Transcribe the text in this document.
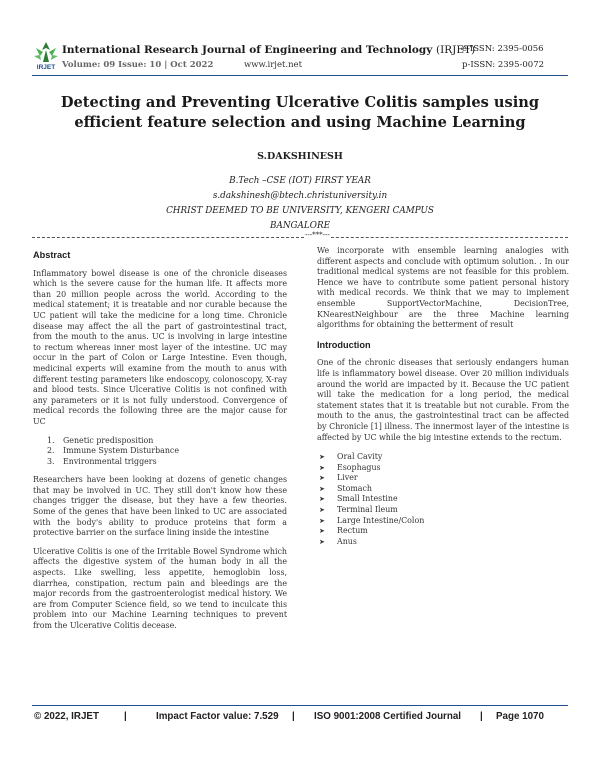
IRJET
International Research Journal of Engineering and Technology (IRJET)
Volume: 09 Issue: 10 | Oct 2022	www.irjet.net
e-ISSN: 2395-0056
p-ISSN: 2395-0072
Detecting and Preventing Ulcerative Colitis samples using efficient feature selection and using Machine Learning
S.DAKSHINESH
B.Tech –CSE (IOT) FIRST YEAR
s.dakshinesh@btech.christuniversity.in
CHRIST DEEMED TO BE UNIVERSITY, KENGERI CAMPUS
BANGALORE
---***---
Abstract

Inflammatory bowel disease is one of the chronicle diseases which is the severe cause for the human life. It affects more than 20 million people across the world. According to the medical statement; it is treatable and nor curable because the UC patient will take the medicine for a long time. Chronicle disease may affect the all the part of gastrointestinal tract, from the mouth to the anus. UC is involving in large intestine to rectum whereas inner most layer of the intestine. UC may occur in the part of Colon or Large Intestine. Even though, medicinal experts will examine from the mouth to anus with different testing parameters like endoscopy, colonoscopy, X-ray and blood tests. Since Ulcerative Colitis is not confined with any parameters or it is not fully understood. Convergence of medical records the following three are the major cause for UC

1. Genetic predisposition
2. Immune System Disturbance
3. Environmental triggers

Researchers have been looking at dozens of genetic changes that may be involved in UC. They still don't know how these changes trigger the disease, but they have a few theories. Some of the genes that have been linked to UC are associated with the body's ability to produce proteins that form a protective barrier on the surface lining inside the intestine

Ulcerative Colitis is one of the Irritable Bowel Syndrome which affects the digestive system of the human body in all the aspects. Like swelling, less appetite, hemoglobin loss, diarrhea, constipation, rectum pain and bleedings are the major records from the gastroenterologist medical history. We are from Computer Science field, so we tend to inculcate this problem into our Machine Learning techniques to prevent from the Ulcerative Colitis decease.

We incorporate with ensemble learning analogies with different aspects and conclude with optimum solution. . In our traditional medical systems are not feasible for this problem. Hence we have to contribute some patient personal history with medical records. We think that we may to implement ensemble SupportVectorMachine, DecisionTree, KNearestNeighbour are the three Machine learning algorithms for obtaining the betterment of result

Introduction

One of the chronic diseases that seriously endangers human life is inflammatory bowel disease. Over 20 million individuals around the world are impacted by it. Because the UC patient will take the medication for a long period, the medical statement states that it is treatable but not curable. From the mouth to the anus, the gastrointestinal tract can be affected by Chronicle [1] illness. The innermost layer of the intestine is affected by UC while the big intestine extends to the rectum.

➤ Oral Cavity
➤ Esophagus
➤ Liver
➤ Stomach
➤ Small Intestine
➤ Terminal Ileum
➤ Large Intestine/Colon
➤ Rectum
➤ Anus
© 2022, IRJET	|	Impact Factor value: 7.529 | ISO 9001:2008 Certified Journal | Page 1070
